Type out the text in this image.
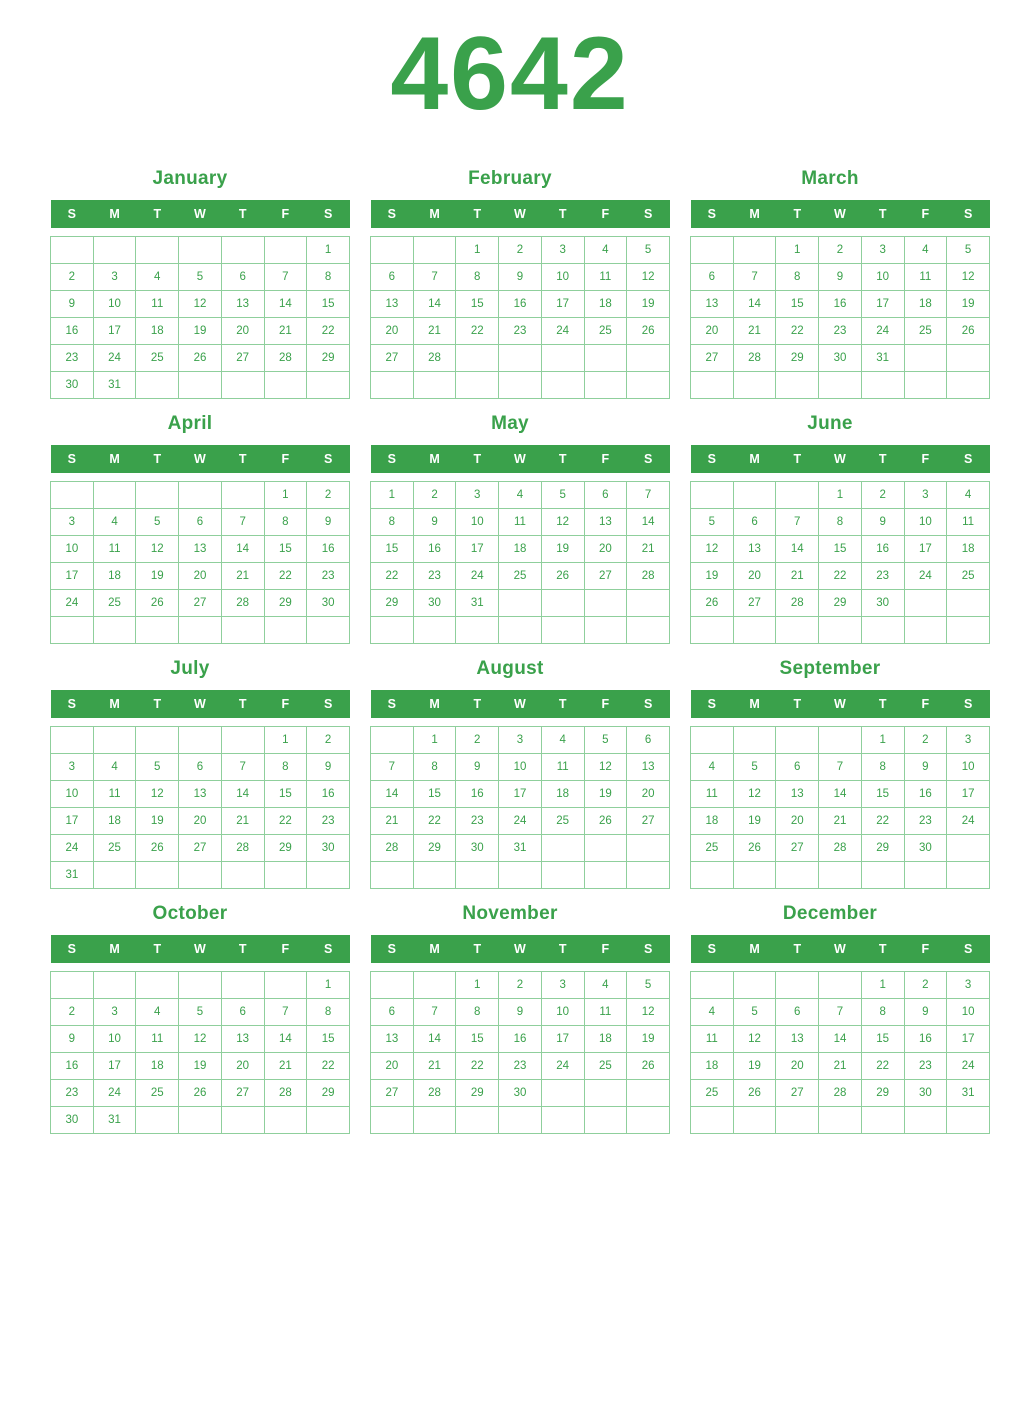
4642
January
S	M	T	W	T	F	S

						1
2	3	4	5	6	7	8
9	10	11	12	13	14	15
16	17	18	19	20	21	22
23	24	25	26	27	28	29
30	31					
February
S	M	T	W	T	F	S

		1	2	3	4	5
6	7	8	9	10	11	12
13	14	15	16	17	18	19
20	21	22	23	24	25	26
27	28					

March
S	M	T	W	T	F	S

		1	2	3	4	5
6	7	8	9	10	11	12
13	14	15	16	17	18	19
20	21	22	23	24	25	26
27	28	29	30	31		

April
S	M	T	W	T	F	S

					1	2
3	4	5	6	7	8	9
10	11	12	13	14	15	16
17	18	19	20	21	22	23
24	25	26	27	28	29	30

May
S	M	T	W	T	F	S

1	2	3	4	5	6	7
8	9	10	11	12	13	14
15	16	17	18	19	20	21
22	23	24	25	26	27	28
29	30	31				

June
S	M	T	W	T	F	S

			1	2	3	4
5	6	7	8	9	10	11
12	13	14	15	16	17	18
19	20	21	22	23	24	25
26	27	28	29	30		

July
S	M	T	W	T	F	S

					1	2
3	4	5	6	7	8	9
10	11	12	13	14	15	16
17	18	19	20	21	22	23
24	25	26	27	28	29	30
31						
August
S	M	T	W	T	F	S

	1	2	3	4	5	6
7	8	9	10	11	12	13
14	15	16	17	18	19	20
21	22	23	24	25	26	27
28	29	30	31			

September
S	M	T	W	T	F	S

				1	2	3
4	5	6	7	8	9	10
11	12	13	14	15	16	17
18	19	20	21	22	23	24
25	26	27	28	29	30	

October
S	M	T	W	T	F	S

						1
2	3	4	5	6	7	8
9	10	11	12	13	14	15
16	17	18	19	20	21	22
23	24	25	26	27	28	29
30	31					
November
S	M	T	W	T	F	S

		1	2	3	4	5
6	7	8	9	10	11	12
13	14	15	16	17	18	19
20	21	22	23	24	25	26
27	28	29	30			

December
S	M	T	W	T	F	S

				1	2	3
4	5	6	7	8	9	10
11	12	13	14	15	16	17
18	19	20	21	22	23	24
25	26	27	28	29	30	31
